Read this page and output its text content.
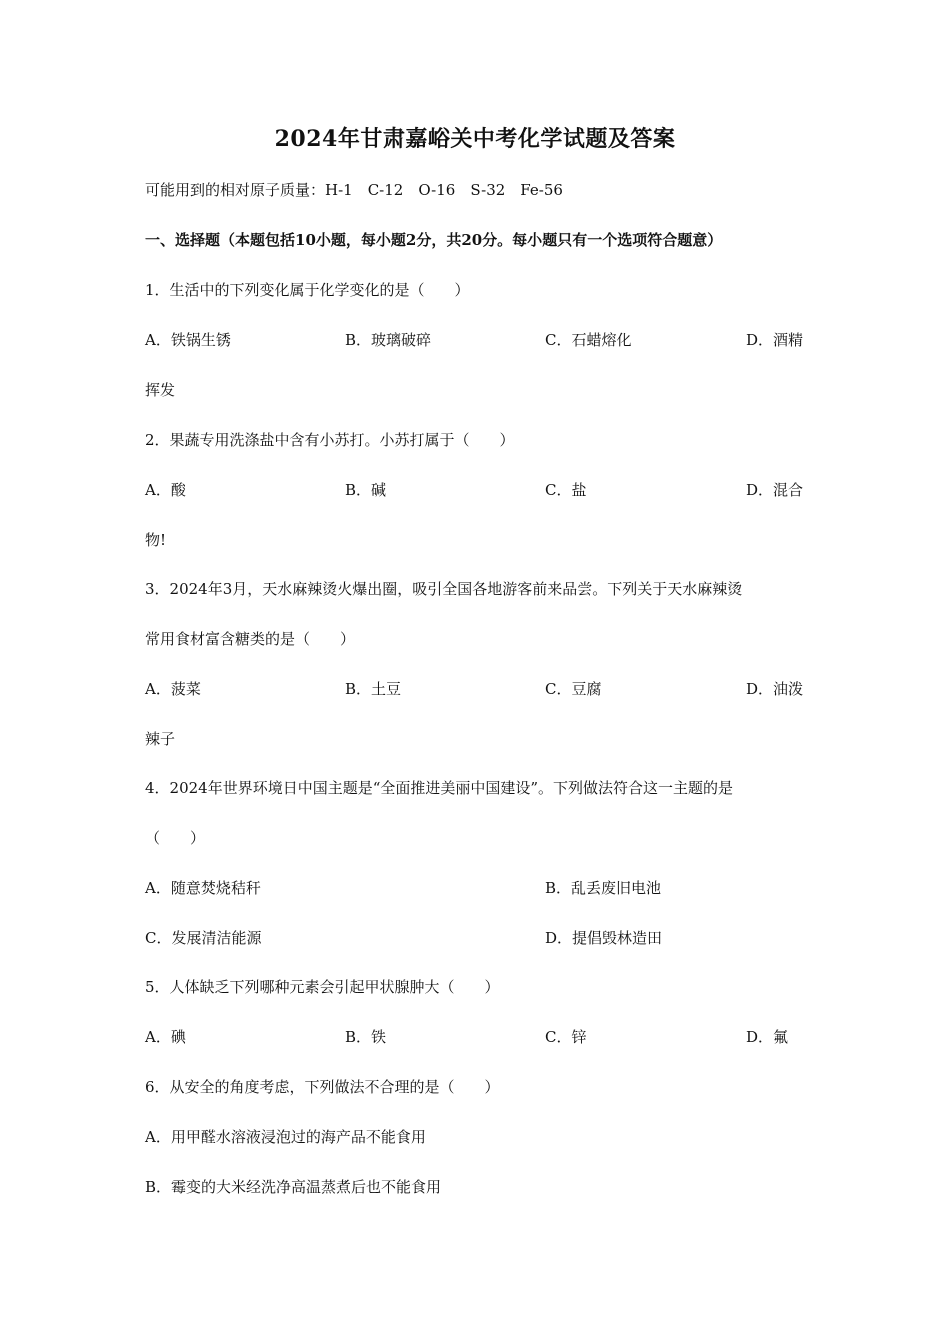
2024年甘肃嘉峪关中考化学试题及答案
可能用到的相对原子质量：H-1　C-12　O-16　S-32　Fe-56
一、选择题（本题包括10小题，每小题2分，共20分。每小题只有一个选项符合题意）
1．生活中的下列变化属于化学变化的是（　　）
A．铁锅生锈	B．玻璃破碎	C．石蜡熔化	D．酒精
挥发
2．果蔬专用洗涤盐中含有小苏打。小苏打属于（　　）
A．酸	B．碱	C．盐	D．混合
物!
3．2024年3月，天水麻辣烫火爆出圈，吸引全国各地游客前来品尝。下列关于天水麻辣烫
常用食材富含糖类的是（　　）
A．菠菜	B．土豆	C．豆腐	D．油泼
辣子
4．2024年世界环境日中国主题是“全面推进美丽中国建设”。下列做法符合这一主题的是
（　　）
A．随意焚烧秸秆	B．乱丢废旧电池
C．发展清洁能源	D．提倡毁林造田
5．人体缺乏下列哪种元素会引起甲状腺肿大（　　）
A．碘	B．铁	C．锌	D．氟
6．从安全的角度考虑，下列做法不合理的是（　　）
A．用甲醛水溶液浸泡过的海产品不能食用
B．霉变的大米经洗净高温蒸煮后也不能食用
